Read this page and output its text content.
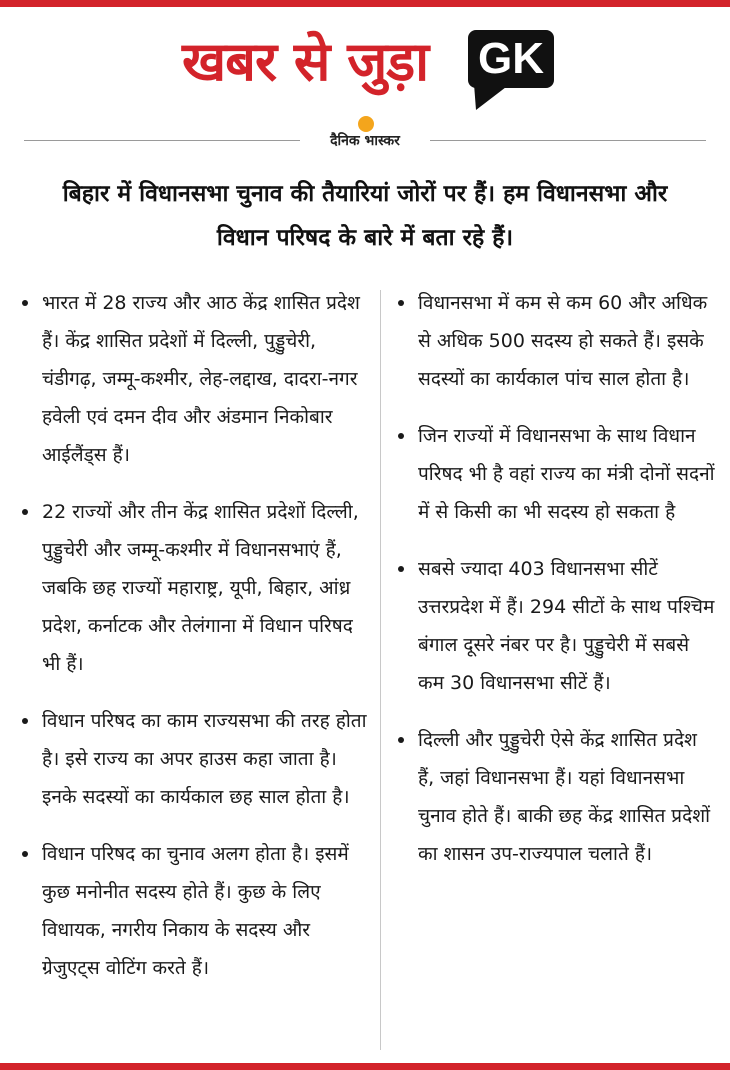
खबर से जुड़ा GK
दैनिक भास्कर
बिहार में विधानसभा चुनाव की तैयारियां जोरों पर हैं। हम विधानसभा और विधान परिषद के बारे में बता रहे हैं।
भारत में 28 राज्य और आठ केंद्र शासित प्रदेश हैं। केंद्र शासित प्रदेशों में दिल्ली, पुड्डुचेरी, चंडीगढ़, जम्मू-कश्मीर, लेह-लद्दाख, दादरा-नगर हवेली एवं दमन दीव और अंडमान निकोबार आईलैंड्स हैं।
22 राज्यों और तीन केंद्र शासित प्रदेशों दिल्ली, पुड्डुचेरी और जम्मू-कश्मीर में विधानसभाएं हैं, जबकि छह राज्यों महाराष्ट्र, यूपी, बिहार, आंध्र प्रदेश, कर्नाटक और तेलंगाना में विधान परिषद भी हैं।
विधान परिषद का काम राज्यसभा की तरह होता है। इसे राज्य का अपर हाउस कहा जाता है। इनके सदस्यों का कार्यकाल छह साल होता है।
विधान परिषद का चुनाव अलग होता है। इसमें कुछ मनोनीत सदस्य होते हैं। कुछ के लिए विधायक, नगरीय निकाय के सदस्य और ग्रेजुएट्स वोटिंग करते हैं।
विधानसभा में कम से कम 60 और अधिक से अधिक 500 सदस्य हो सकते हैं। इसके सदस्यों का कार्यकाल पांच साल होता है।
जिन राज्यों में विधानसभा के साथ विधान परिषद भी है वहां राज्य का मंत्री दोनों सदनों में से किसी का भी सदस्य हो सकता है
सबसे ज्यादा 403 विधानसभा सीटें उत्तरप्रदेश में हैं। 294 सीटों के साथ पश्चिम बंगाल दूसरे नंबर पर है। पुड्डुचेरी में सबसे कम 30 विधानसभा सीटें हैं।
दिल्ली और पुड्डुचेरी ऐसे केंद्र शासित प्रदेश हैं, जहां विधानसभा हैं। यहां विधानसभा चुनाव होते हैं। बाकी छह केंद्र शासित प्रदेशों का शासन उप-राज्यपाल चलाते हैं।
